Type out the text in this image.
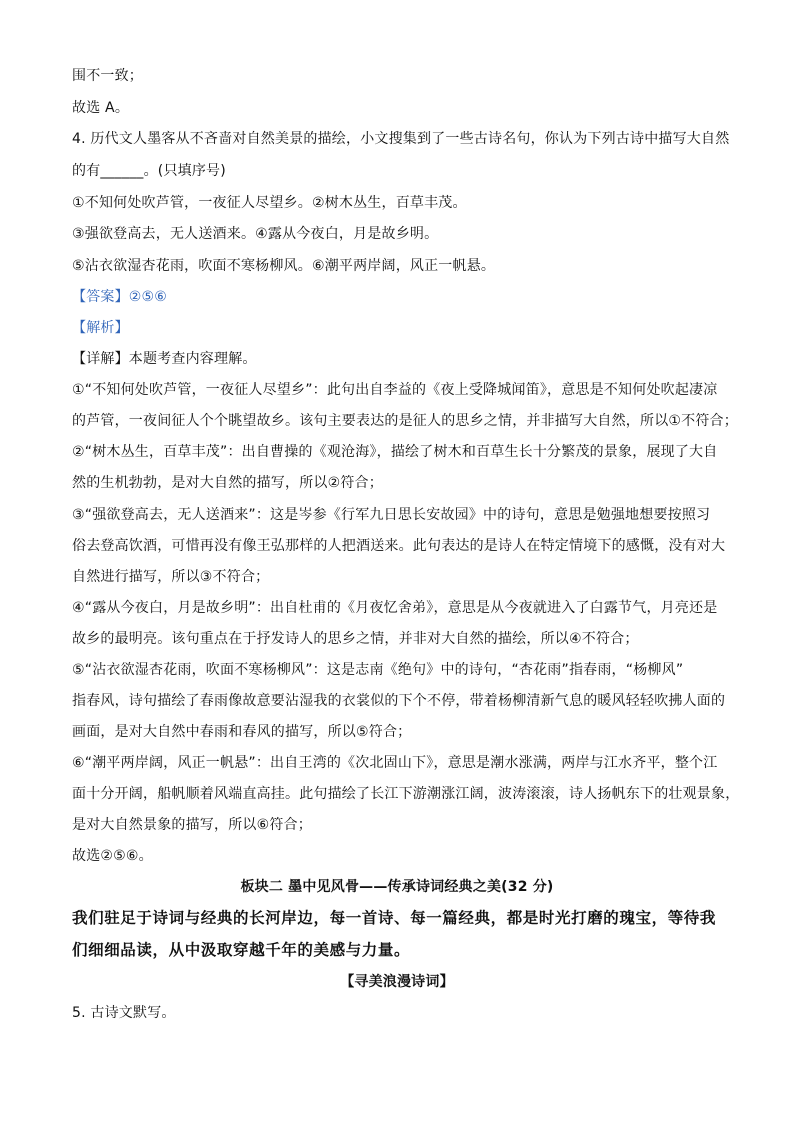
围不一致；
故选 A。
4. 历代文人墨客从不吝啬对自然美景的描绘，小文搜集到了一些古诗名句，你认为下列古诗中描写大自然
的有______。(只填序号)
①不知何处吹芦管，一夜征人尽望乡。②树木丛生，百草丰茂。
③强欲登高去，无人送酒来。④露从今夜白，月是故乡明。
⑤沾衣欲湿杏花雨，吹面不寒杨柳风。⑥潮平两岸阔，风正一帆悬。
【答案】②⑤⑥
【解析】
【详解】本题考查内容理解。
①“不知何处吹芦管，一夜征人尽望乡”：此句出自李益的《夜上受降城闻笛》，意思是不知何处吹起凄凉
的芦管，一夜间征人个个眺望故乡。该句主要表达的是征人的思乡之情，并非描写大自然，所以①不符合；
②“树木丛生，百草丰茂”：出自曹操的《观沧海》，描绘了树木和百草生长十分繁茂的景象，展现了大自
然的生机勃勃，是对大自然的描写，所以②符合；
③“强欲登高去，无人送酒来”：这是岑参《行军九日思长安故园》中的诗句，意思是勉强地想要按照习
俗去登高饮酒，可惜再没有像王弘那样的人把酒送来。此句表达的是诗人在特定情境下的感慨，没有对大
自然进行描写，所以③不符合；
④“露从今夜白，月是故乡明”：出自杜甫的《月夜忆舍弟》，意思是从今夜就进入了白露节气，月亮还是
故乡的最明亮。该句重点在于抒发诗人的思乡之情，并非对大自然的描绘，所以④不符合；
⑤“沾衣欲湿杏花雨，吹面不寒杨柳风”：这是志南《绝句》中的诗句，“杏花雨”指春雨，“杨柳风”
指春风，诗句描绘了春雨像故意要沾湿我的衣裳似的下个不停，带着杨柳清新气息的暖风轻轻吹拂人面的
画面，是对大自然中春雨和春风的描写，所以⑤符合；
⑥“潮平两岸阔，风正一帆悬”：出自王湾的《次北固山下》，意思是潮水涨满，两岸与江水齐平，整个江
面十分开阔，船帆顺着风端直高挂。此句描绘了长江下游潮涨江阔，波涛滚滚，诗人扬帆东下的壮观景象，
是对大自然景象的描写，所以⑥符合；
故选②⑤⑥。
板块二 墨中见风骨——传承诗词经典之美(32 分)
我们驻足于诗词与经典的长河岸边，每一首诗、每一篇经典，都是时光打磨的瑰宝，等待我
们细细品读，从中汲取穿越千年的美感与力量。
【寻美浪漫诗词】
5. 古诗文默写。
